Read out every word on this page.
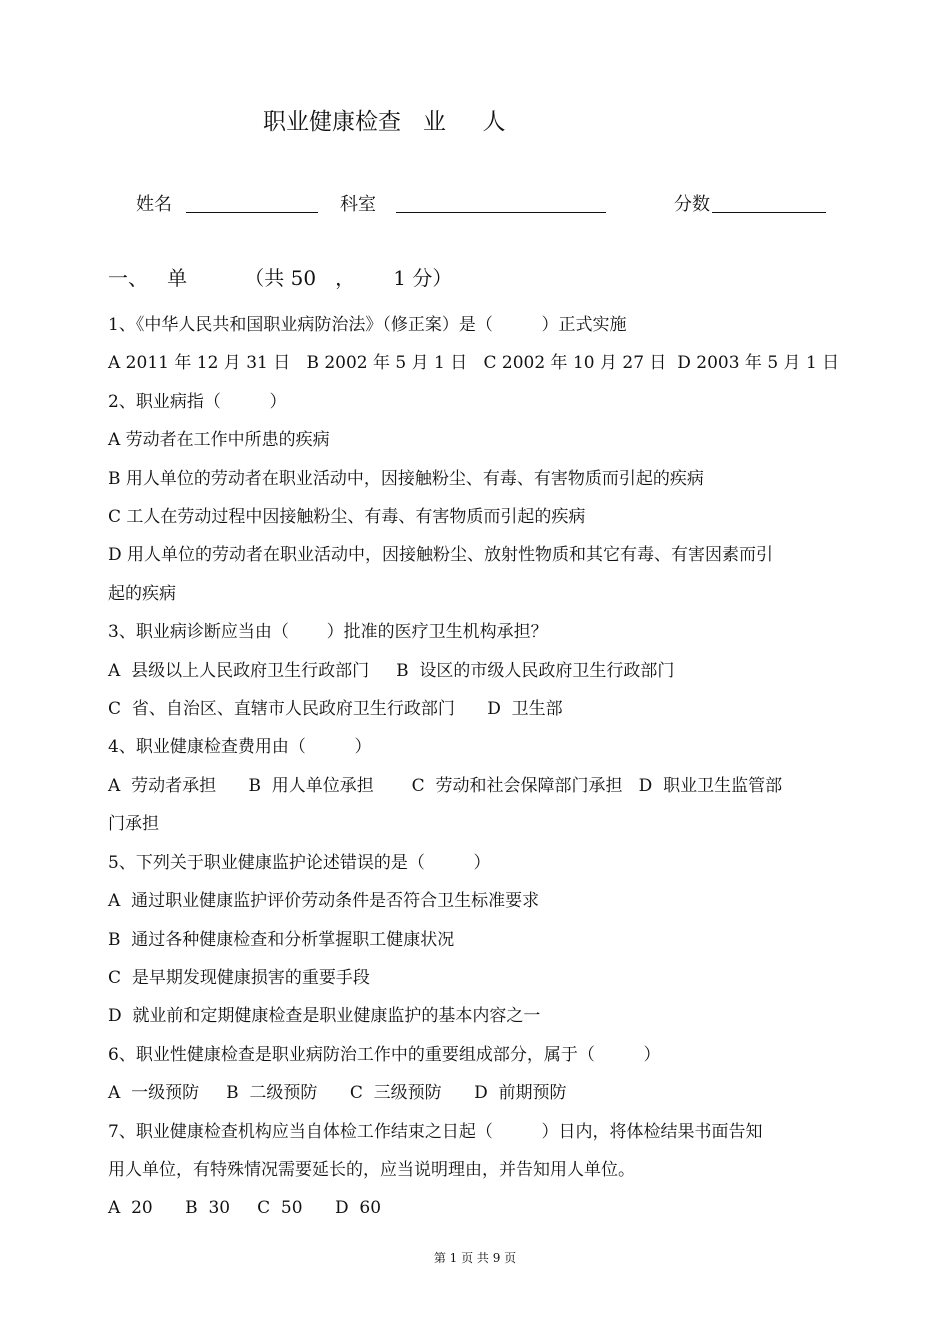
职业健康检查   业     人
姓名	科室	分数
一、   单         （共 50   ，      1 分）

1、《中华人民共和国职业病防治法》（修正案）是（         ）正式实施

A 2011 年 12 月 31 日   B 2002 年 5 月 1 日   C 2002 年 10 月 27 日  D 2003 年 5 月 1 日

2、职业病指（         ）

A 劳动者在工作中所患的疾病

B 用人单位的劳动者在职业活动中，因接触粉尘、有毒、有害物质而引起的疾病

C 工人在劳动过程中因接触粉尘、有毒、有害物质而引起的疾病

D 用人单位的劳动者在职业活动中，因接触粉尘、放射性物质和其它有毒、有害因素而引

起的疾病

3、职业病诊断应当由（       ）批准的医疗卫生机构承担？

A  县级以上人民政府卫生行政部门     B  设区的市级人民政府卫生行政部门

C  省、自治区、直辖市人民政府卫生行政部门      D  卫生部

4、职业健康检查费用由（         ）

A  劳动者承担      B  用人单位承担       C  劳动和社会保障部门承担   D  职业卫生监管部

门承担

5、下列关于职业健康监护论述错误的是（         ）

A  通过职业健康监护评价劳动条件是否符合卫生标准要求

B  通过各种健康检查和分析掌握职工健康状况

C  是早期发现健康损害的重要手段

D  就业前和定期健康检查是职业健康监护的基本内容之一

6、职业性健康检查是职业病防治工作中的重要组成部分，属于（         ）

A  一级预防     B  二级预防      C  三级预防      D  前期预防

7、职业健康检查机构应当自体检工作结束之日起（         ）日内，将体检结果书面告知

用人单位，有特殊情况需要延长的，应当说明理由，并告知用人单位。

A  20      B  30     C  50      D  60

第 1 页 共 9 页
